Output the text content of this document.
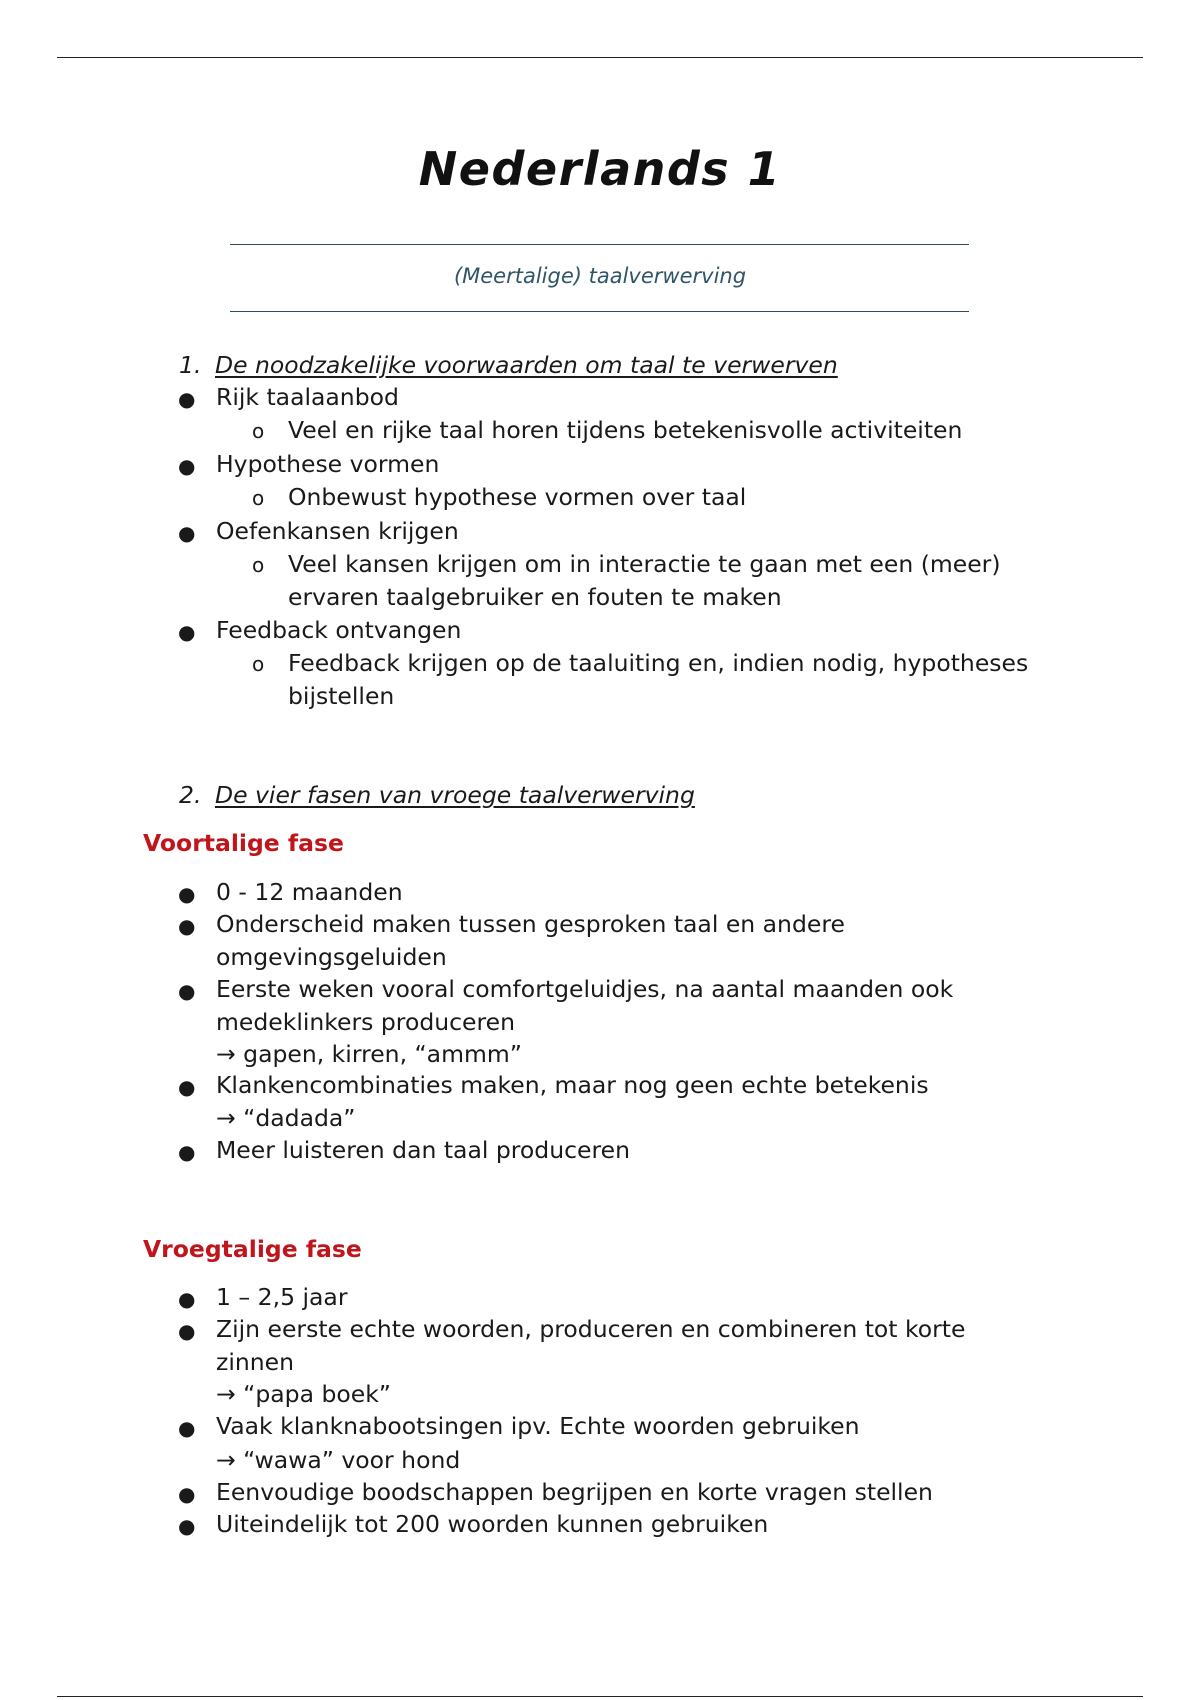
Nederlands 1
(Meertalige) taalverwerving
1. De noodzakelijke voorwaarden om taal te verwerven
● Rijk taalaanbod
o Veel en rijke taal horen tijdens betekenisvolle activiteiten
● Hypothese vormen
o Onbewust hypothese vormen over taal
● Oefenkansen krijgen
o Veel kansen krijgen om in interactie te gaan met een (meer)
ervaren taalgebruiker en fouten te maken
● Feedback ontvangen
o Feedback krijgen op de taaluiting en, indien nodig, hypotheses
bijstellen
2. De vier fasen van vroege taalverwerving
Voortalige fase
● 0 - 12 maanden
● Onderscheid maken tussen gesproken taal en andere
omgevingsgeluiden
● Eerste weken vooral comfortgeluidjes, na aantal maanden ook
medeklinkers produceren
→ gapen, kirren, “ammm”
● Klankencombinaties maken, maar nog geen echte betekenis
→ “dadada”
● Meer luisteren dan taal produceren
Vroegtalige fase
● 1 – 2,5 jaar
● Zijn eerste echte woorden, produceren en combineren tot korte
zinnen
→ “papa boek”
● Vaak klanknabootsingen ipv. Echte woorden gebruiken
→ “wawa” voor hond
● Eenvoudige boodschappen begrijpen en korte vragen stellen
● Uiteindelijk tot 200 woorden kunnen gebruiken
